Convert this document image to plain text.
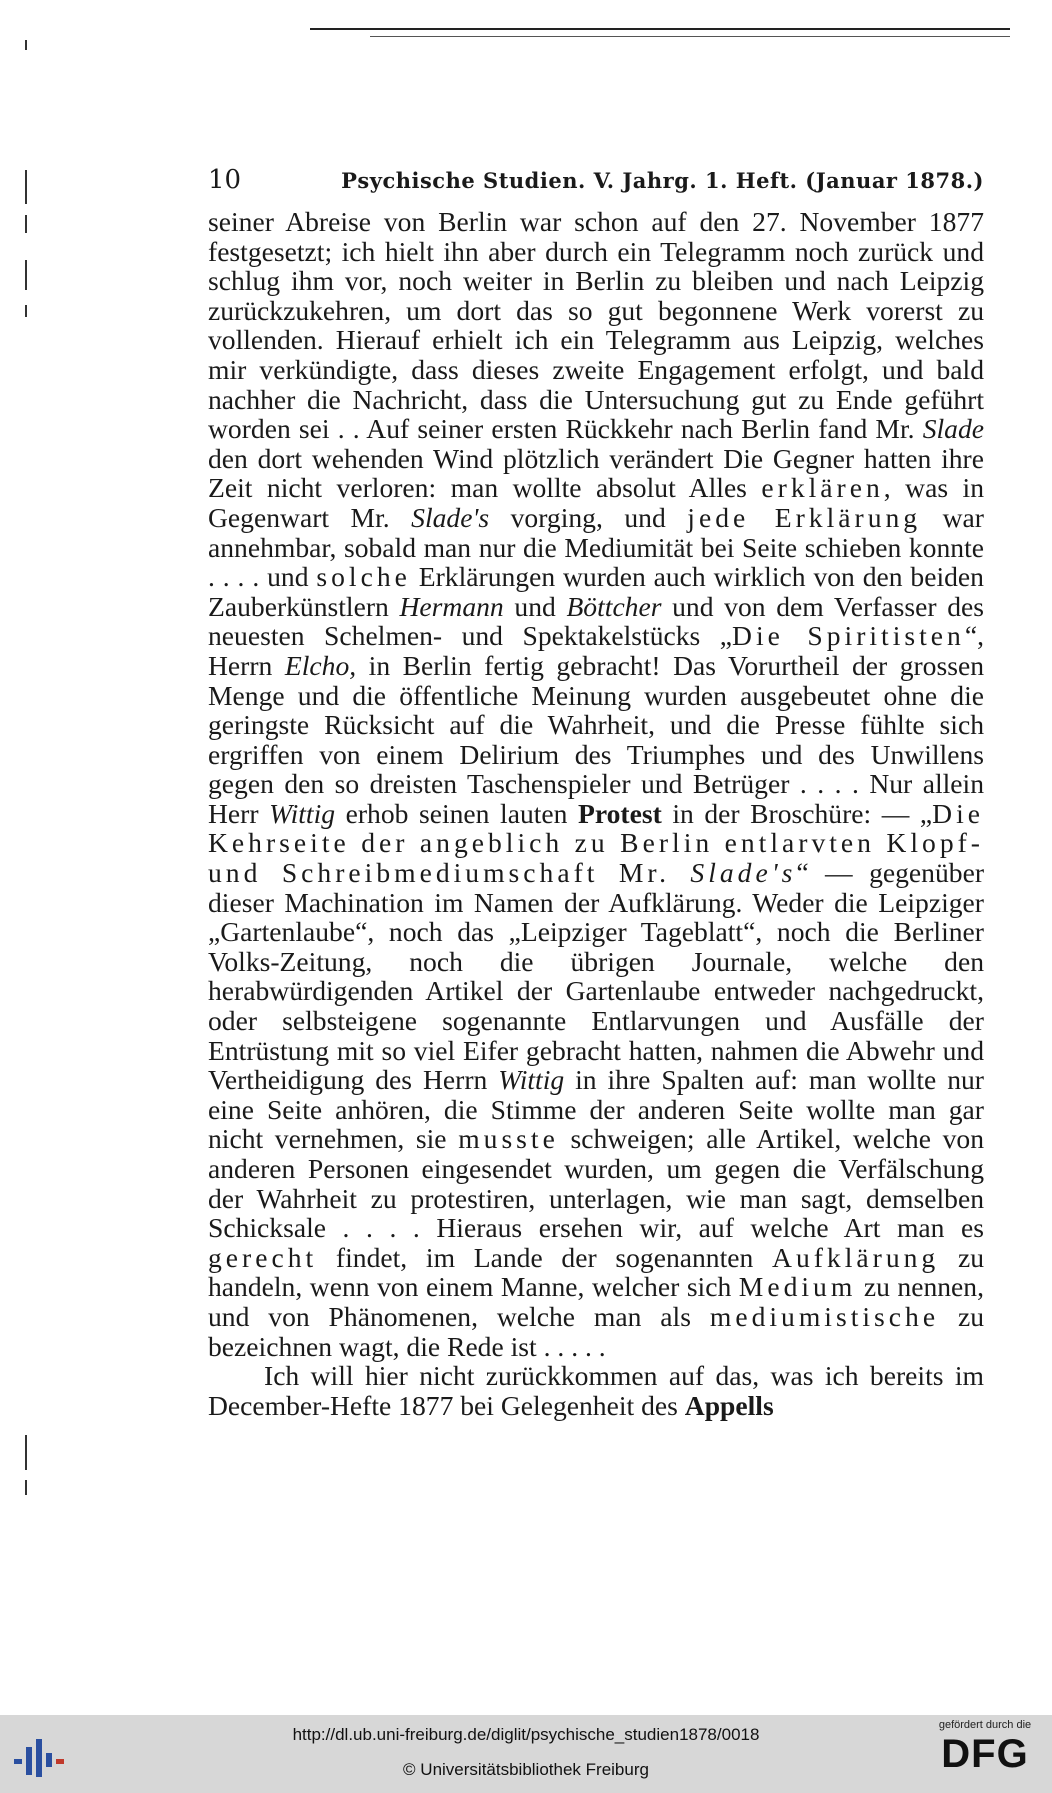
10	Psychische Studien. V. Jahrg. 1. Heft. (Januar 1878.)

seiner Abreise von Berlin war schon auf den 27. November 1877 festgesetzt; ich hielt ihn aber durch ein Telegramm noch zurück und schlug ihm vor, noch weiter in Berlin zu bleiben und nach Leipzig zurückzukehren, um dort das so gut begonnene Werk vorerst zu vollenden. Hierauf erhielt ich ein Telegramm aus Leipzig, welches mir verkündigte, dass dieses zweite Engagement erfolgt, und bald nachher die Nachricht, dass die Untersuchung gut zu Ende geführt worden sei . . Auf seiner ersten Rückkehr nach Berlin fand Mr. Slade den dort wehenden Wind plötzlich verändert Die Gegner hatten ihre Zeit nicht verloren: man wollte absolut Alles erklären, was in Gegenwart Mr. Slade's vorging, und jede Erklärung war annehmbar, sobald man nur die Mediumität bei Seite schieben konnte . . . . und solche Erklärungen wurden auch wirklich von den beiden Zauberkünstlern Hermann und Böttcher und von dem Verfasser des neuesten Schelmen- und Spektakelstücks „Die Spiritisten“, Herrn Elcho, in Berlin fertig gebracht! Das Vorurtheil der grossen Menge und die öffentliche Meinung wurden ausgebeutet ohne die geringste Rücksicht auf die Wahrheit, und die Presse fühlte sich ergriffen von einem Delirium des Triumphes und des Unwillens gegen den so dreisten Taschenspieler und Betrüger . . . . Nur allein Herr Wittig erhob seinen lauten Protest in der Broschüre: — „Die Kehrseite der angeblich zu Berlin entlarvten Klopf- und Schreibmediumschaft Mr. Slade's“ — gegenüber dieser Machination im Namen der Aufklärung. Weder die Leipziger „Gartenlaube“, noch das „Leipziger Tageblatt“, noch die Berliner Volks-Zeitung, noch die übrigen Journale, welche den herabwürdigenden Artikel der Gartenlaube entweder nachgedruckt, oder selbsteigene sogenannte Entlarvungen und Ausfälle der Entrüstung mit so viel Eifer gebracht hatten, nahmen die Abwehr und Vertheidigung des Herrn Wittig in ihre Spalten auf: man wollte nur eine Seite anhören, die Stimme der anderen Seite wollte man gar nicht vernehmen, sie musste schweigen; alle Artikel, welche von anderen Personen eingesendet wurden, um gegen die Verfälschung der Wahrheit zu protestiren, unterlagen, wie man sagt, demselben Schicksale . . . . Hieraus ersehen wir, auf welche Art man es gerecht findet, im Lande der sogenannten Aufklärung zu handeln, wenn von einem Manne, welcher sich Medium zu nennen, und von Phänomenen, welche man als mediumistische zu bezeichnen wagt, die Rede ist . . . . .

Ich will hier nicht zurückkommen auf das, was ich bereits im December-Hefte 1877 bei Gelegenheit des Appells

http://dl.ub.uni-freiburg.de/diglit/psychische_studien1878/0018
© Universitätsbibliothek Freiburg
gefördert durch die
DFG
